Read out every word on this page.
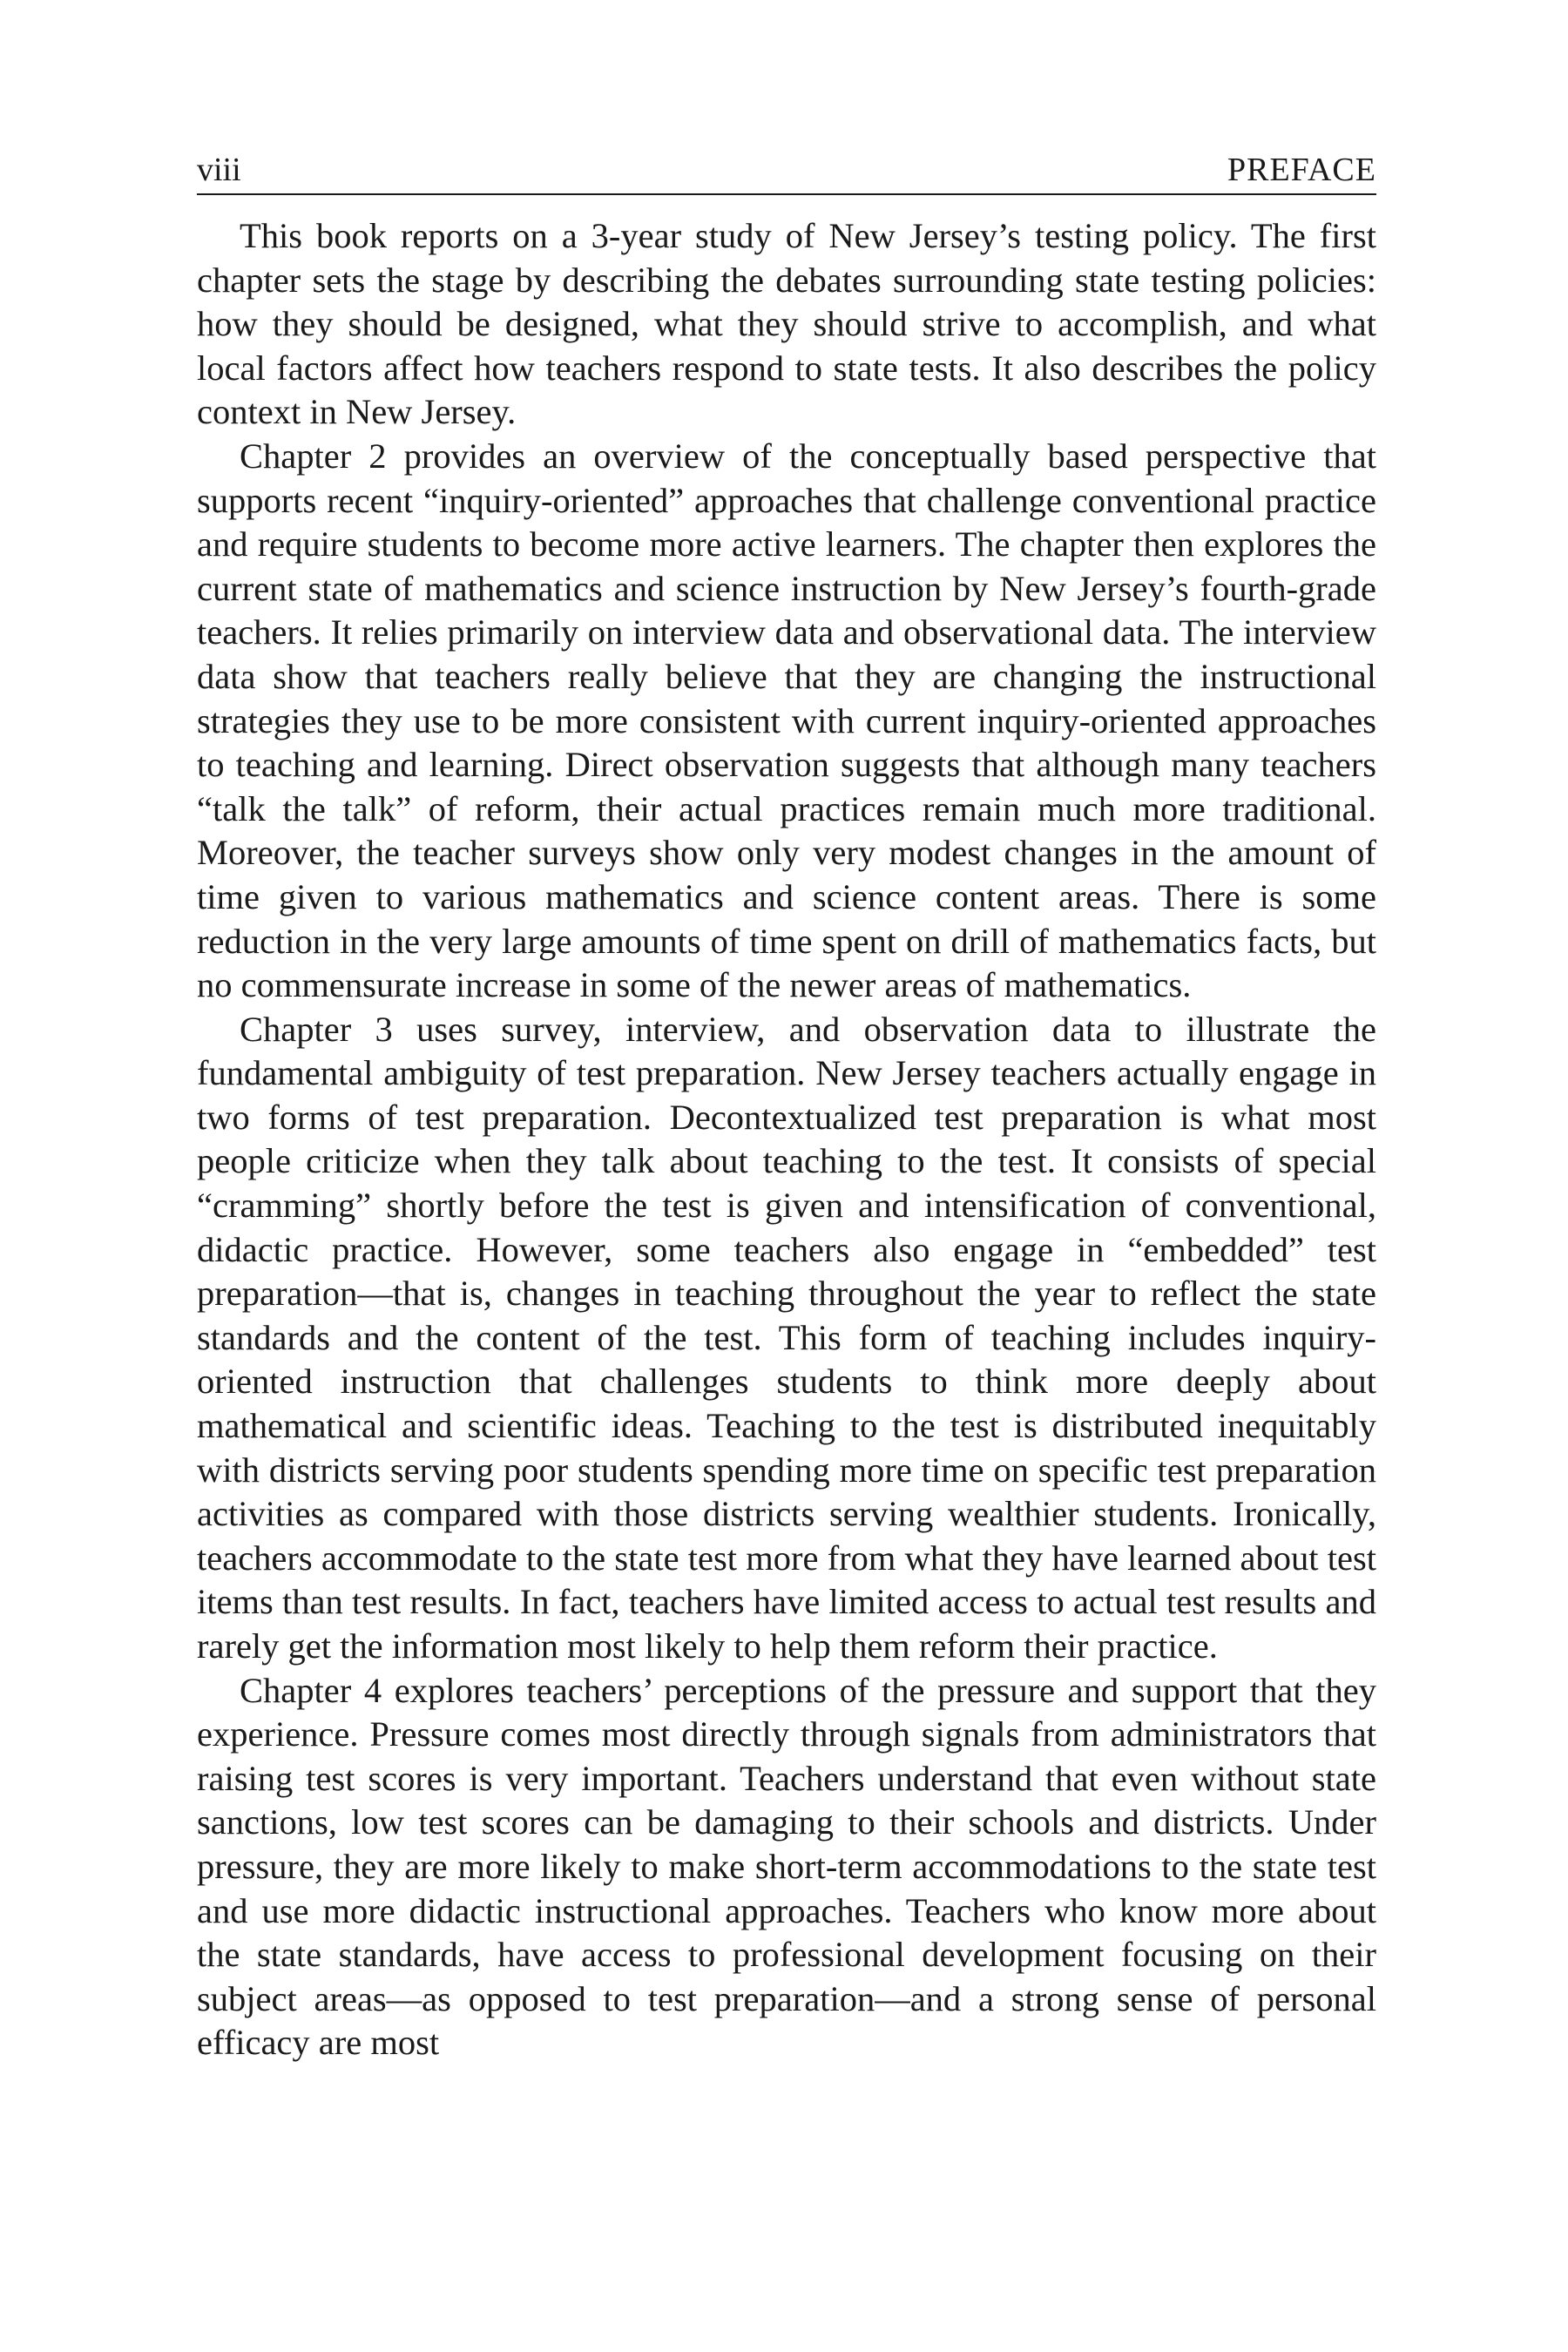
viii	PREFACE

This book reports on a 3-year study of New Jersey’s testing policy. The first chapter sets the stage by describing the debates surrounding state testing policies: how they should be designed, what they should strive to accomplish, and what local factors affect how teachers respond to state tests. It also describes the policy context in New Jersey.

Chapter 2 provides an overview of the conceptually based perspective that supports recent “inquiry-oriented” approaches that challenge conventional practice and require students to become more active learners. The chapter then explores the current state of mathematics and science instruction by New Jersey’s fourth-grade teachers. It relies primarily on interview data and observational data. The interview data show that teachers really believe that they are changing the instructional strategies they use to be more consistent with current inquiry-oriented approaches to teaching and learning. Direct observation suggests that although many teachers “talk the talk” of reform, their actual practices remain much more traditional. Moreover, the teacher surveys show only very modest changes in the amount of time given to various mathematics and science content areas. There is some reduction in the very large amounts of time spent on drill of mathematics facts, but no commensurate increase in some of the newer areas of mathematics.

Chapter 3 uses survey, interview, and observation data to illustrate the fundamental ambiguity of test preparation. New Jersey teachers actually engage in two forms of test preparation. Decontextualized test preparation is what most people criticize when they talk about teaching to the test. It consists of special “cramming” shortly before the test is given and intensification of conventional, didactic practice. However, some teachers also engage in “embedded” test preparation—that is, changes in teaching throughout the year to reflect the state standards and the content of the test. This form of teaching includes inquiry-oriented instruction that challenges students to think more deeply about mathematical and scientific ideas. Teaching to the test is distributed inequitably with districts serving poor students spending more time on specific test preparation activities as compared with those districts serving wealthier students. Ironically, teachers accommodate to the state test more from what they have learned about test items than test results. In fact, teachers have limited access to actual test results and rarely get the information most likely to help them reform their practice.

Chapter 4 explores teachers’ perceptions of the pressure and support that they experience. Pressure comes most directly through signals from administrators that raising test scores is very important. Teachers understand that even without state sanctions, low test scores can be damaging to their schools and districts. Under pressure, they are more likely to make short-term accommodations to the state test and use more didactic instructional approaches. Teachers who know more about the state standards, have access to professional development focusing on their subject areas—as opposed to test preparation—and a strong sense of personal efficacy are most
